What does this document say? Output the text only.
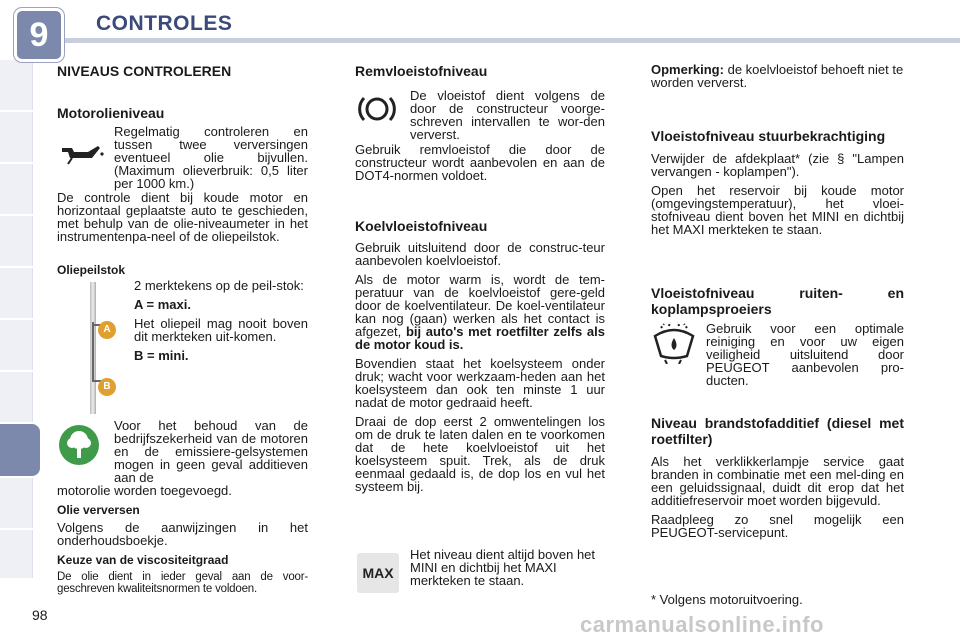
9	CONTROLES
NIVEAUS CONTROLEREN
Motorolieniveau
Regelmatig controleren en tussen twee verversingen eventueel olie bijvullen. (Maximum olieverbruik: 0,5 liter per 1000 km.)
De controle dient bij koude motor en horizontaal geplaatste auto te geschieden, met behulp van de olie-niveaumeter in het instrumentenpa-neel of de oliepeilstok.
Oliepeilstok
A
B

2 merktekens op de peil-stok:

A = maxi.

Het oliepeil mag nooit boven dit merkteken uit-komen.

B = mini.

Voor het behoud van de bedrijfszekerheid van de motoren en de emissiere-gelsystemen mogen in geen geval additieven aan de
motorolie worden toegevoegd.
Olie verversen

Volgens de aanwijzingen in het onderhoudsboekje.

Keuze van de viscositeitgraad

De olie dient in ieder geval aan de voor-geschreven kwaliteitsnormen te voldoen.

Remvloeistofniveau
De vloeistof dient volgens de door de constructeur voorge-schreven intervallen te wor-den ververst.
Gebruik remvloeistof die door de constructeur wordt aanbevolen en aan de DOT4-normen voldoet.
Koelvloeistofniveau

Gebruik uitsluitend door de construc-teur aanbevolen koelvloeistof.

Als de motor warm is, wordt de tem-peratuur van de koelvloeistof gere-geld door de koelventilateur. De koel-ventilateur kan nog (gaan) werken als het contact is afgezet, bij auto's met roetfilter zelfs als de motor koud is.

Bovendien staat het koelsysteem onder druk; wacht voor werkzaam-heden aan het koelsysteem dan ook ten minste 1 uur nadat de motor gedraaid heeft.

Draai de dop eerst 2 omwentelingen los om de druk te laten dalen en te voorkomen dat de hete koelvloeistof uit het koelsysteem spuit. Trek, als de druk eenmaal gedaald is, de dop los en vul het systeem bij.

MAX
Het niveau dient altijd boven het MINI en dichtbij het MAXI merkteken te staan.
Opmerking: de koelvloeistof behoeft niet te worden ververst.
Vloeistofniveau stuurbekrachtiging

Verwijder de afdekplaat* (zie § "Lampen vervangen - koplampen").

Open het reservoir bij koude motor (omgevingstemperatuur), het vloei-stofniveau dient boven het MINI en dichtbij het MAXI merkteken te staan.

Vloeistofniveau ruiten- en koplampsproeiers
Gebruik voor een optimale reiniging en voor uw eigen veiligheid uitsluitend door PEUGEOT aanbevolen pro-ducten.
Niveau brandstofadditief (diesel met roetfilter)

Als het verklikkerlampje service gaat branden in combinatie met een mel-ding en een geluidssignaal, duidt dit erop dat het additiefreservoir moet worden bijgevuld.

Raadpleeg zo snel mogelijk een PEUGEOT-servicepunt.

* Volgens motoruitvoering.
98	carmanualsonline.info
